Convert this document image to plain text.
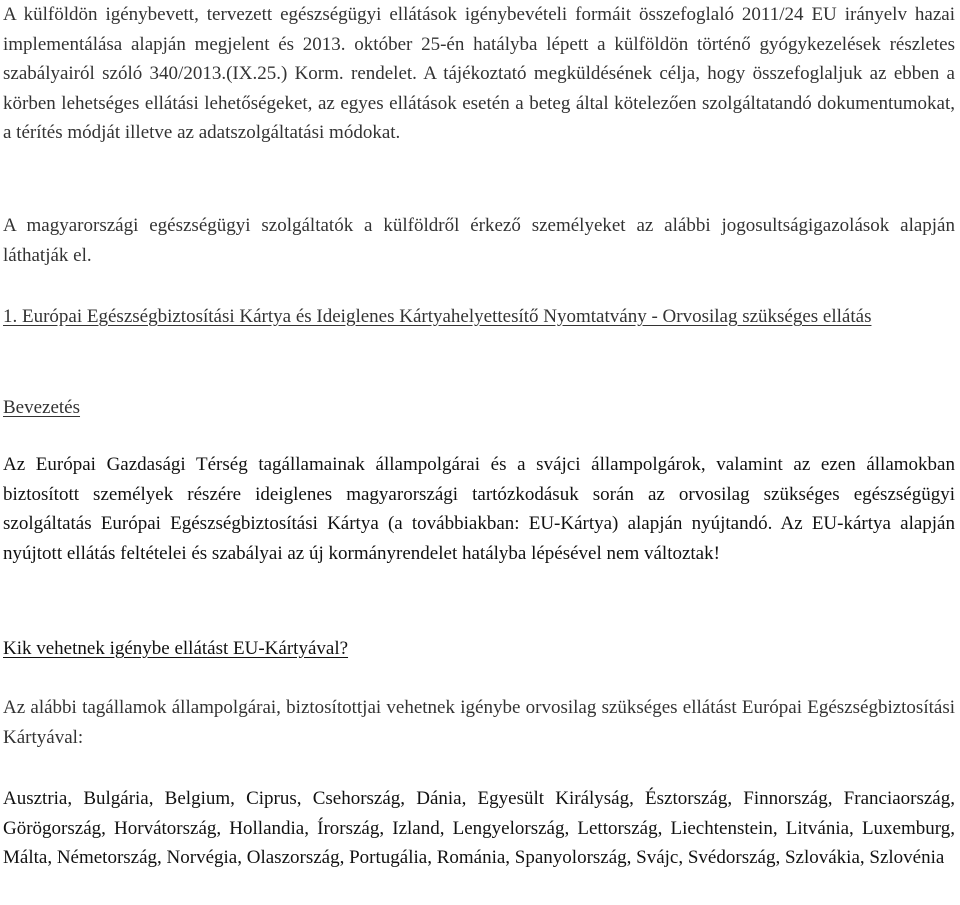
A külföldön igénybevett, tervezett egészségügyi ellátások igénybevételi formáit összefoglaló 2011/24 EU irányelv hazai implementálása alapján megjelent és 2013. október 25-én hatályba lépett a külföldön történő gyógykezelések részletes szabályairól szóló 340/2013.(IX.25.) Korm. rendelet. A tájékoztató megküldésének célja, hogy összefoglaljuk az ebben a körben lehetséges ellátási lehetőségeket, az egyes ellátások esetén a beteg által kötelezően szolgáltatandó dokumentumokat, a térítés módját illetve az adatszolgáltatási módokat.

A magyarországi egészségügyi szolgáltatók a külföldről érkező személyeket az alábbi jogosultságigazolások alapján láthatják el.

1. Európai Egészségbiztosítási Kártya és Ideiglenes Kártyahelyettesítő Nyomtatvány - Orvosilag szükséges ellátás

Bevezetés

Az Európai Gazdasági Térség tagállamainak állampolgárai és a svájci állampolgárok, valamint az ezen államokban biztosított személyek részére ideiglenes magyarországi tartózkodásuk során az orvosilag szükséges egészségügyi szolgáltatás Európai Egészségbiztosítási Kártya (a továbbiakban: EU-Kártya) alapján nyújtandó. Az EU-kártya alapján nyújtott ellátás feltételei és szabályai az új kormányrendelet hatályba lépésével nem változtak!

Kik vehetnek igénybe ellátást EU-Kártyával?

Az alábbi tagállamok állampolgárai, biztosítottjai vehetnek igénybe orvosilag szükséges ellátást Európai Egészségbiztosítási Kártyával:

Ausztria, Bulgária, Belgium, Ciprus, Csehország, Dánia, Egyesült Királyság, Észtország, Finnország, Franciaország, Görögország, Horvátország, Hollandia, Írország, Izland, Lengyelország, Lettország, Liechtenstein, Litvánia, Luxemburg, Málta, Németország, Norvégia, Olaszország, Portugália, Románia, Spanyolország, Svájc, Svédország, Szlovákia, Szlovénia
